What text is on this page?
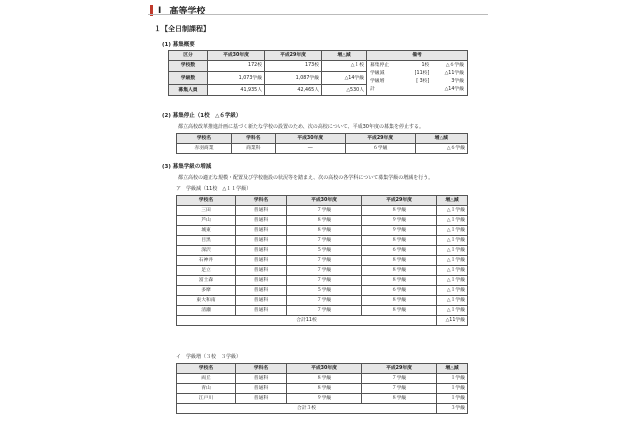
I 高等学校
１【全日制課程】
(1) 募集概要
区分	平成30年度	平成29年度	増△減	備考
学校数	172校	173校	△１校	募集停止	1校	△６学級
学級減	[11校]	△11学級
学級増	[ 3校]	3学級
計		△14学級

学級数	1,073学級	1,087学級	△14学級
募集人員	41,935人	42,465人	△530人
(2) 募集停止（1校　△６学級）
都立高校改革推進計画に基づく新たな学校の設置のため、次の高校について、平成30年度の募集を停止する。
学校名	学科名	平成30年度	平成29年度	増△減
赤羽商業	商業科	―	６学級	△６学級
(3) 募集学級の増減
都立高校の適正な規模・配置及び学校施設の状況等を踏まえ、次の高校の各学科について募集学級の増減を行う。
ア　学級減（11校　△１１学級）
学校名	学科名	平成30年度	平成29年度	増△減
三田	普通科	７学級	８学級	△１学級
芦山	普通科	８学級	９学級	△１学級
城東	普通科	８学級	９学級	△１学級
目黒	普通科	７学級	８学級	△１学級
深沢	普通科	５学級	６学級	△１学級
石神井	普通科	７学級	８学級	△１学級
足立	普通科	７学級	８学級	△１学級
富士森	普通科	７学級	８学級	△１学級
多摩	普通科	５学級	６学級	△１学級
東大和南	普通科	７学級	８学級	△１学級
清瀬	普通科	７学級	８学級	△１学級
合計11校				△11学級
イ　学級増（３校　３学級）
学校名	学科名	平成30年度	平成29年度	増△減
両丘	普通科	８学級	７学級	１学級
青山	普通科	８学級	７学級	１学級
江戸川	普通科	９学級	８学級	１学級
合計３校				３学級
